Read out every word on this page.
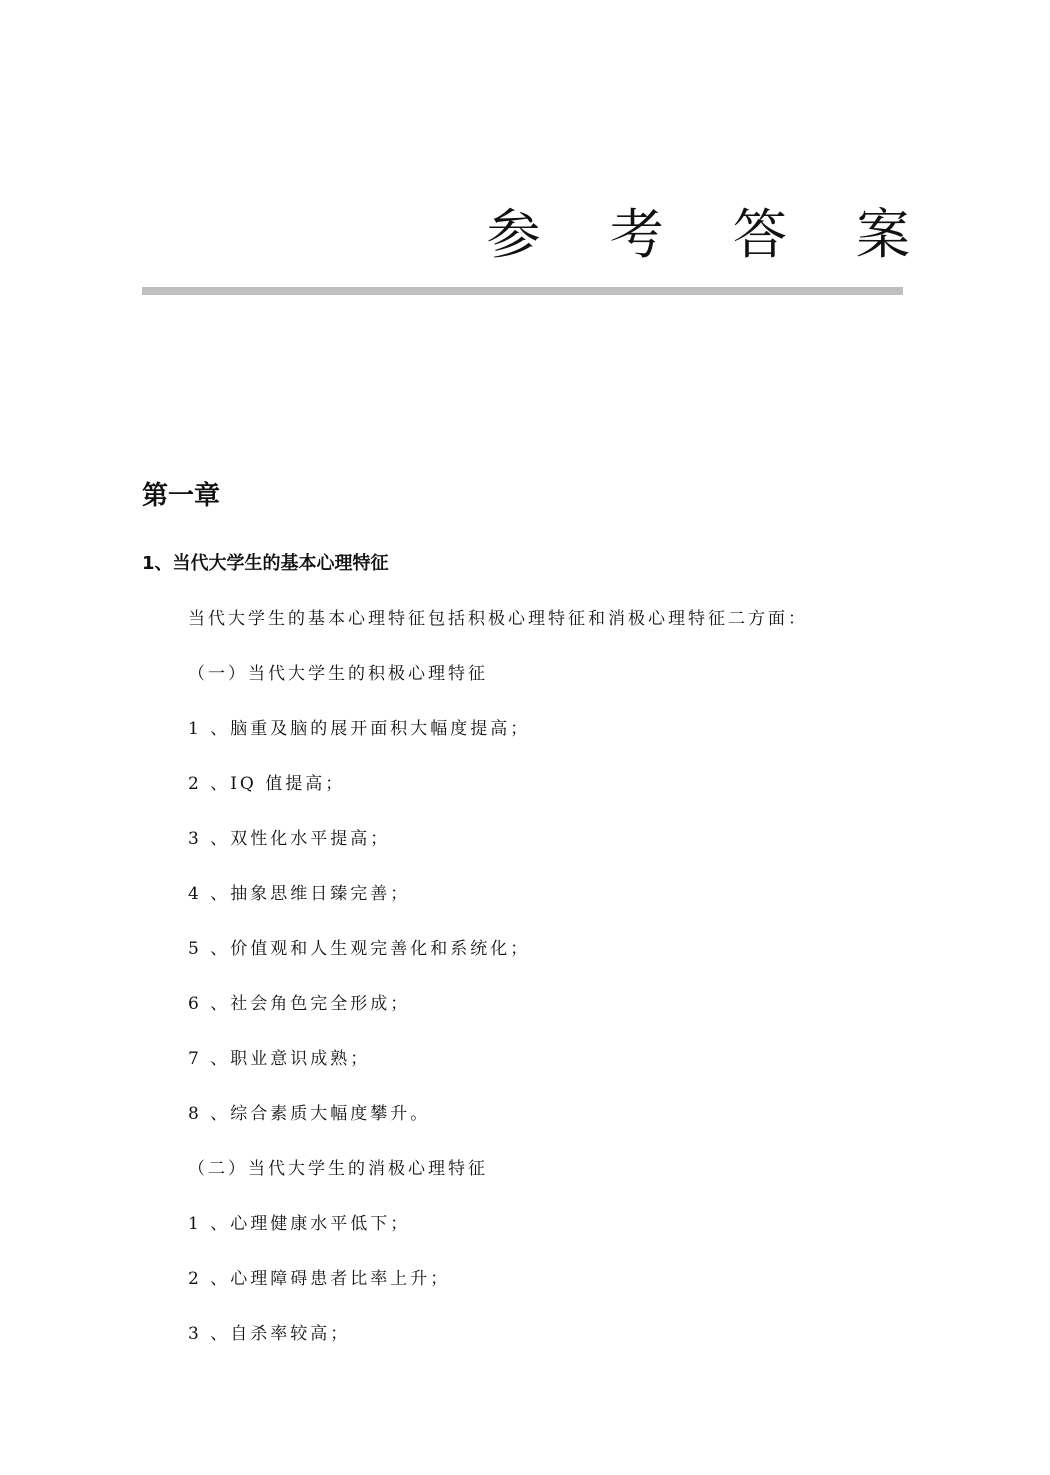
参 考 答 案
第一章
1、当代大学生的基本心理特征
当代大学生的基本心理特征包括积极心理特征和消极心理特征二方面：
（一）当代大学生的积极心理特征
1 、脑重及脑的展开面积大幅度提高；
2 、IQ 值提高；
3 、双性化水平提高；
4 、抽象思维日臻完善；
5 、价值观和人生观完善化和系统化；
6 、社会角色完全形成；
7 、职业意识成熟；
8 、综合素质大幅度攀升。
（二）当代大学生的消极心理特征
1 、心理健康水平低下；
2 、心理障碍患者比率上升；
3 、自杀率较高；
